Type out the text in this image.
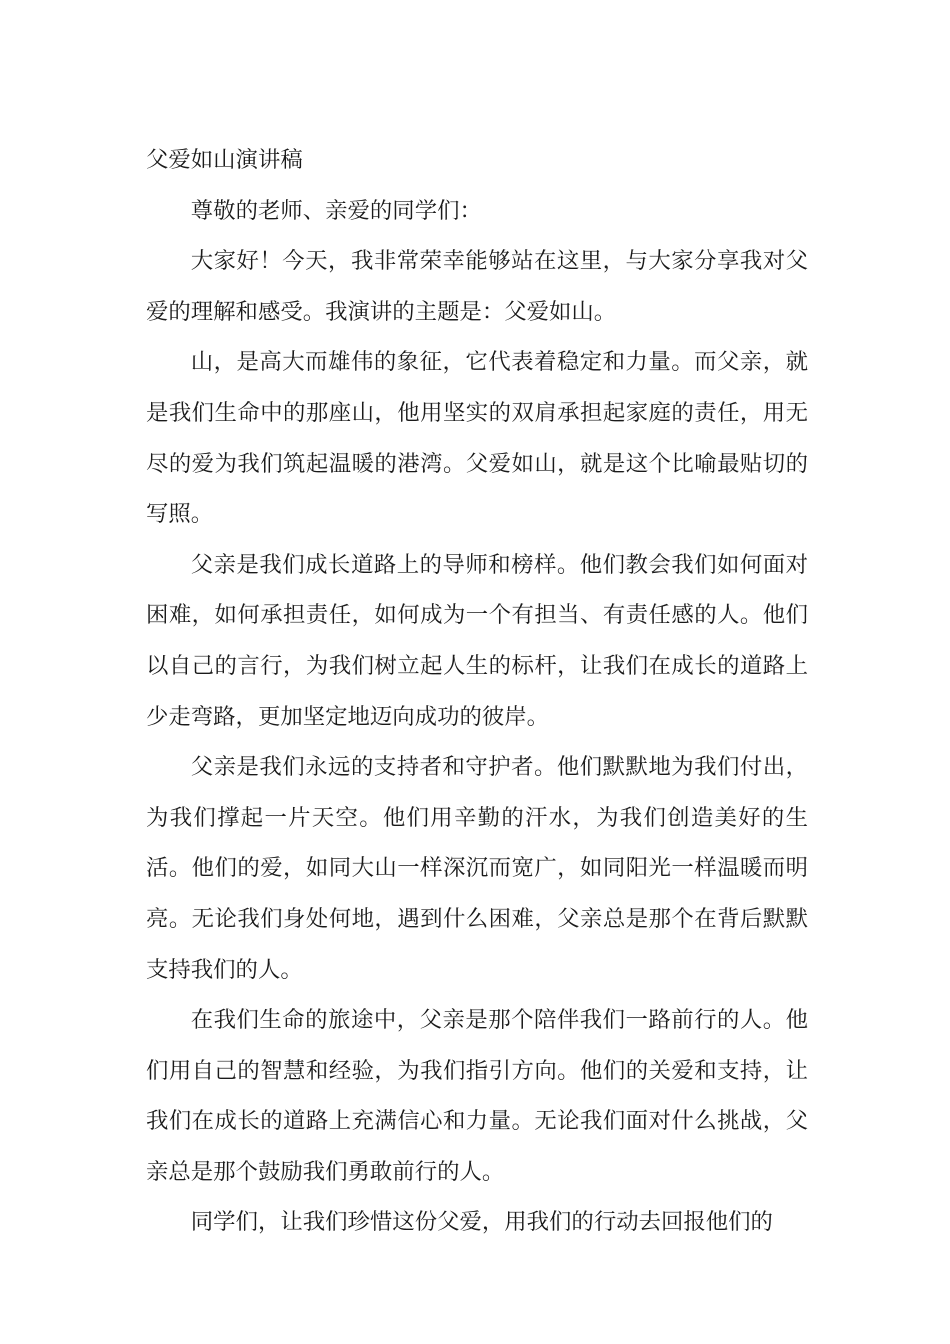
父爱如山演讲稿

尊敬的老师、亲爱的同学们：

大家好！今天，我非常荣幸能够站在这里，与大家分享我对父爱的理解和感受。我演讲的主题是：父爱如山。

山，是高大而雄伟的象征，它代表着稳定和力量。而父亲，就是我们生命中的那座山，他用坚实的双肩承担起家庭的责任，用无尽的爱为我们筑起温暖的港湾。父爱如山，就是这个比喻最贴切的写照。

父亲是我们成长道路上的导师和榜样。他们教会我们如何面对困难，如何承担责任，如何成为一个有担当、有责任感的人。他们以自己的言行，为我们树立起人生的标杆，让我们在成长的道路上少走弯路，更加坚定地迈向成功的彼岸。

父亲是我们永远的支持者和守护者。他们默默地为我们付出，为我们撑起一片天空。他们用辛勤的汗水，为我们创造美好的生活。他们的爱，如同大山一样深沉而宽广，如同阳光一样温暖而明亮。无论我们身处何地，遇到什么困难，父亲总是那个在背后默默支持我们的人。

在我们生命的旅途中，父亲是那个陪伴我们一路前行的人。他们用自己的智慧和经验，为我们指引方向。他们的关爱和支持，让我们在成长的道路上充满信心和力量。无论我们面对什么挑战，父亲总是那个鼓励我们勇敢前行的人。

同学们，让我们珍惜这份父爱，用我们的行动去回报他们的
